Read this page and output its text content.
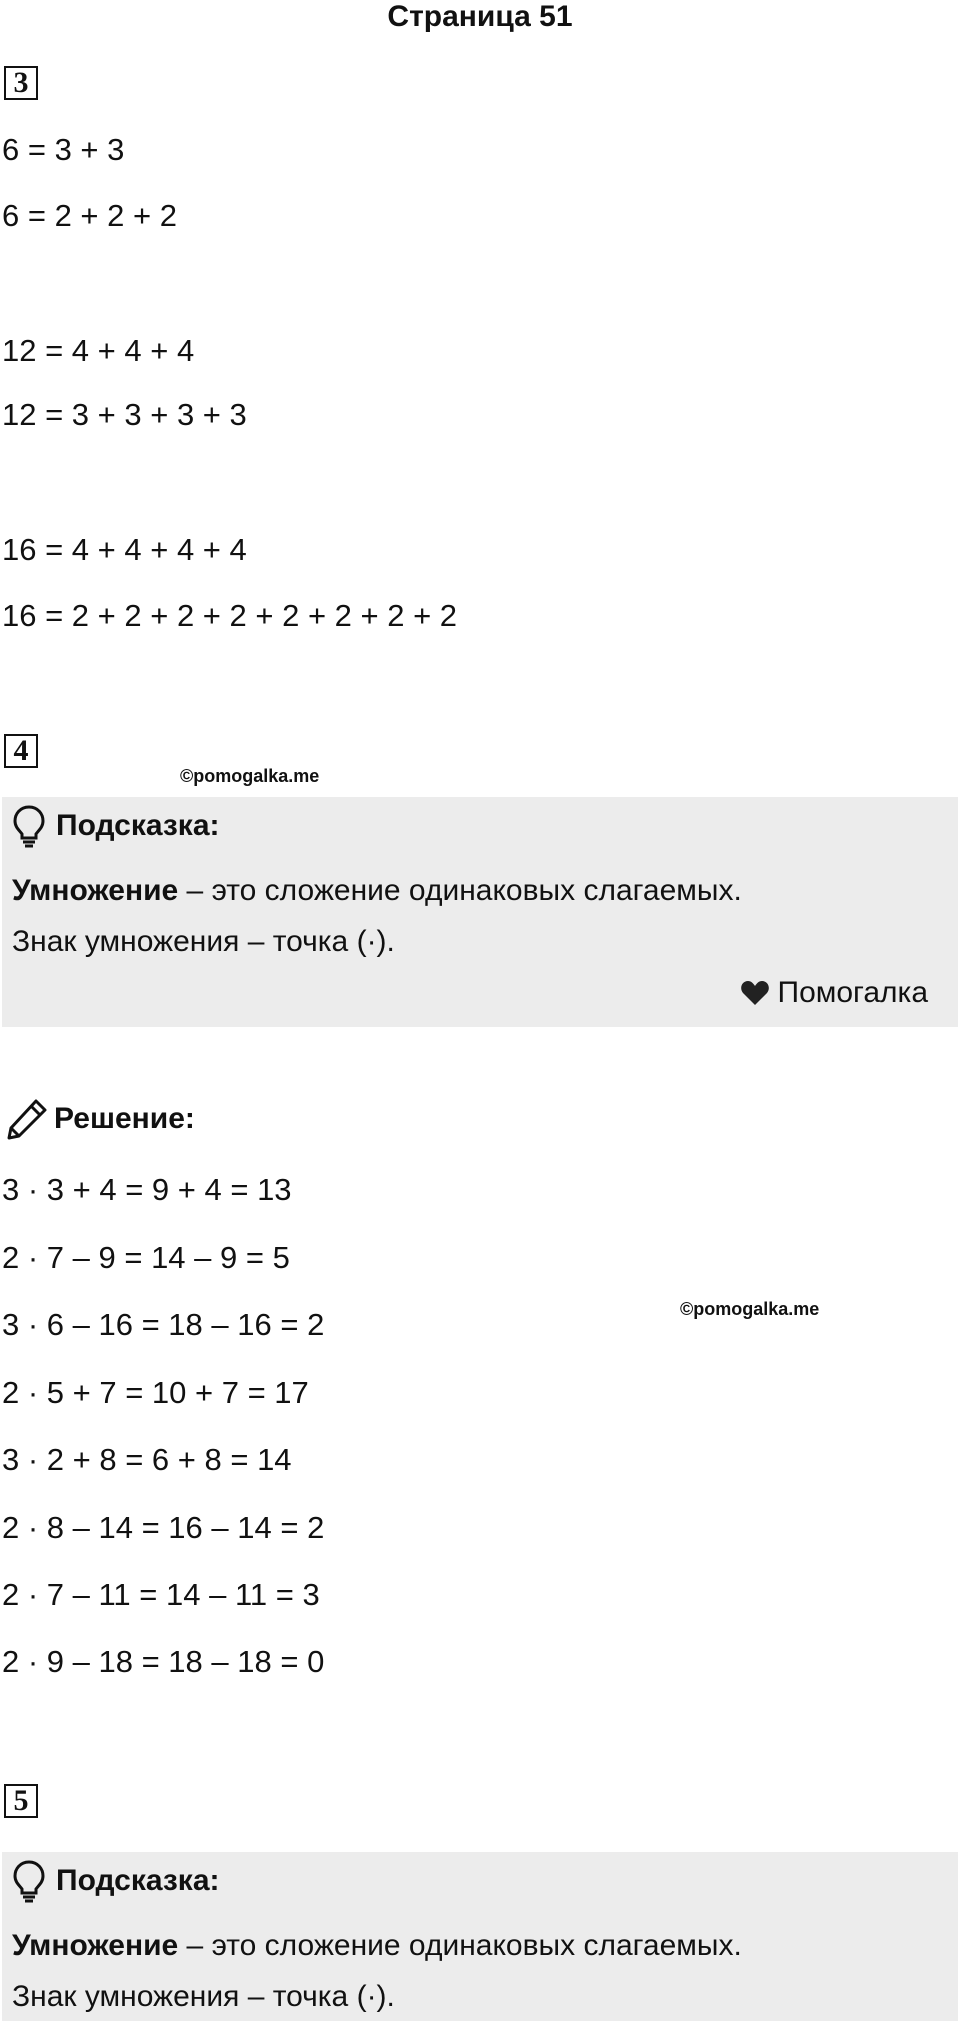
Страница 51
3
6 = 3 + 3
6 = 2 + 2 + 2
12 = 4 + 4 + 4
12 = 3 + 3 + 3 + 3
16 = 4 + 4 + 4 + 4
16 = 2 + 2 + 2 + 2 + 2 + 2 + 2 + 2
4
©pomogalka.me
Подсказка:
Умножение – это сложение одинаковых слагаемых.
Знак умножения – точка (·).
Помогалка
Решение:
3 · 3 + 4 = 9 + 4 = 13
2 · 7 – 9 = 14 – 9 = 5
3 · 6 – 16 = 18 – 16 = 2	©pomogalka.me
2 · 5 + 7 = 10 + 7 = 17
3 · 2 + 8 = 6 + 8 = 14
2 · 8 – 14 = 16 – 14 = 2
2 · 7 – 11 = 14 – 11 = 3
2 · 9 – 18 = 18 – 18 = 0
5
Подсказка:
Умножение – это сложение одинаковых слагаемых.
Знак умножения – точка (·).
